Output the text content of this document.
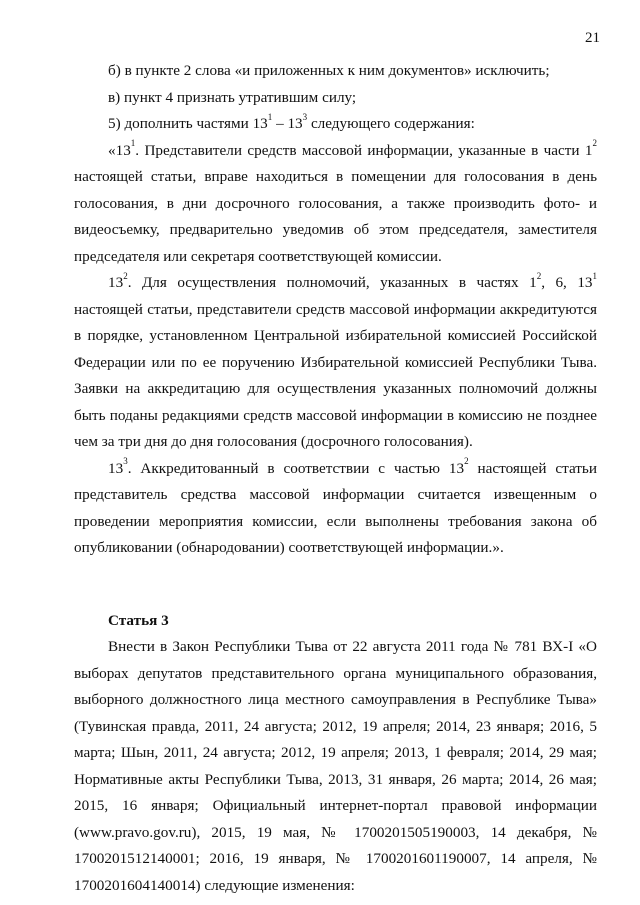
21

б) в пункте 2 слова «и приложенных к ним документов» исключить;

в) пункт 4 признать утратившим силу;

5) дополнить частями $13^1 - 13^3$ следующего содержания:

«$13^1$. Представители средств массовой информации, указанные в части $1^2$

настоящей статьи, вправе находиться в помещении для голосования в день

голосования, в дни досрочного голосования, а также производить фото- и

видеосъемку, предварительно уведомив об этом председателя, заместителя

председателя или секретаря соответствующей комиссии.

$13^2$. Для осуществления полномочий, указанных в частях $1^2$, 6, $13^1$

настоящей статьи, представители средств массовой информации аккредитуются

в порядке, установленном Центральной избирательной комиссией Российской

Федерации или по ее поручению Избирательной комиссией Республики Тыва.

Заявки на аккредитацию для осуществления указанных полномочий должны

быть поданы редакциями средств массовой информации в комиссию не позднее

чем за три дня до дня голосования (досрочного голосования).

$13^3$. Аккредитованный в соответствии с частью $13^2$ настоящей статьи

представитель средства массовой информации считается извещенным о

проведении мероприятия комиссии, если выполнены требования закона об

опубликовании (обнародовании) соответствующей информации.».

Статья 3

Внести в Закон Республики Тыва от 22 августа 2011 года № 781 ВХ-I «О

выборах депутатов представительного органа муниципального образования,

выборного должностного лица местного самоуправления в Республике Тыва»

(Тувинская правда, 2011, 24 августа; 2012, 19 апреля; 2014, 23 января; 2016, 5

марта; Шын, 2011, 24 августа; 2012, 19 апреля; 2013, 1 февраля; 2014, 29 мая;

Нормативные акты Республики Тыва, 2013, 31 января, 26 марта; 2014, 26 мая;

2015, 16 января; Официальный интернет-портал правовой информации

(www.pravo.gov.ru), 2015, 19 мая, № 1700201505190003, 14 декабря, №

1700201512140001; 2016, 19 января, № 1700201601190007, 14 апреля, №

1700201604140014) следующие изменения:
